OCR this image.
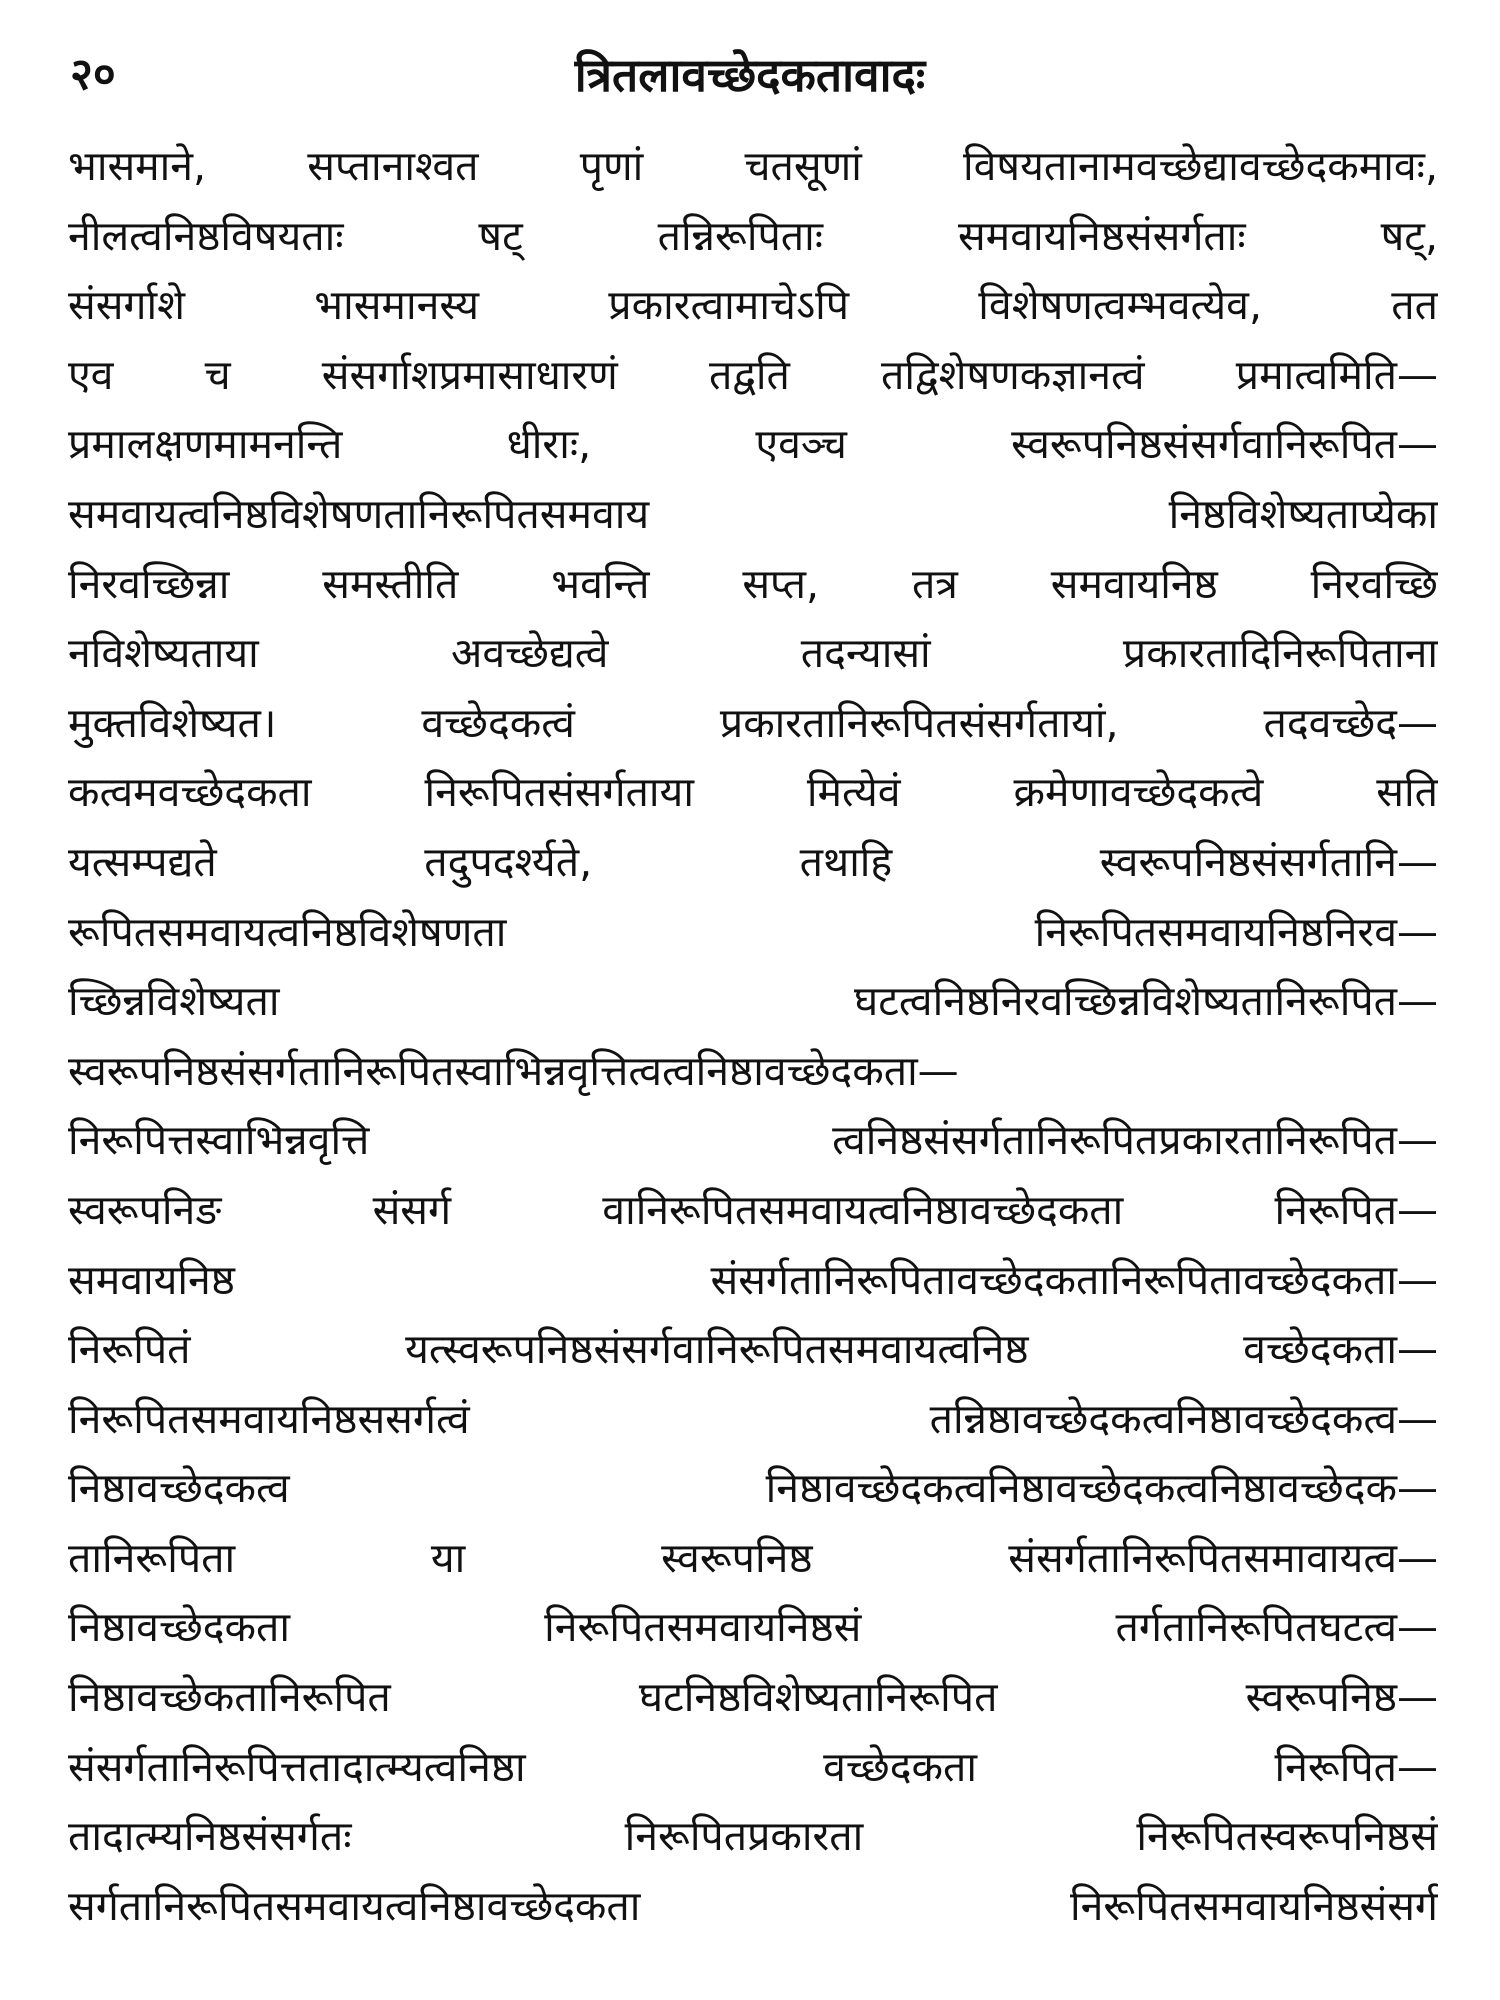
२०	त्रितलावच्छेदकतावादः
भासमाने, सप्तानाश्वत पृणां चतसूणां विषयतानामवच्छेद्यावच्छेदकमावः,
नीलत्वनिष्ठविषयताः षट् तन्निरूपिताः समवायनिष्ठसंसर्गताः षट्,
संसर्गाशे भासमानस्य प्रकारत्वामाचेऽपि विशेषणत्वम्भवत्येव, तत
एव च संसर्गाशप्रमासाधारणं तद्वति तद्विशेषणकज्ञानत्वं प्रमात्वमिति—
प्रमालक्षणमामनन्ति धीराः, एवञ्च स्वरूपनिष्ठसंसर्गवानिरूपित—
समवायत्वनिष्ठविशेषणतानिरूपितसमवाय निष्ठविशेष्यताप्येका
निरवच्छिन्ना समस्तीति भवन्ति सप्त, तत्र समवायनिष्ठ निरवच्छि
नविशेष्यताया अवच्छेद्यत्वे तदन्यासां प्रकारतादिनिरूपिताना
मुक्तविशेष्यत। वच्छेदकत्वं प्रकारतानिरूपितसंसर्गतायां, तदवच्छेद—
कत्वमवच्छेदकता निरूपितसंसर्गताया मित्येवं क्रमेणावच्छेदकत्वे सति
यत्सम्पद्यते तदुपदर्श्यते, तथाहि स्वरूपनिष्ठसंसर्गतानि—
रूपितसमवायत्वनिष्ठविशेषणता निरूपितसमवायनिष्ठनिरव—
च्छिन्नविशेष्यता घटत्वनिष्ठनिरवच्छिन्नविशेष्यतानिरूपित—
स्वरूपनिष्ठसंसर्गतानिरूपितस्वाभिन्नवृत्तित्वत्वनिष्ठावच्छेदकता—
निरूपित्तस्वाभिन्नवृत्ति त्वनिष्ठसंसर्गतानिरूपितप्रकारतानिरूपित—
स्वरूपनिङ संसर्ग वानिरूपितसमवायत्वनिष्ठावच्छेदकता निरूपित—
समवायनिष्ठ संसर्गतानिरूपितावच्छेदकतानिरूपितावच्छेदकता—
निरूपितं यत्स्वरूपनिष्ठसंसर्गवानिरूपितसमवायत्वनिष्ठ वच्छेदकता—
निरूपितसमवायनिष्ठससर्गत्वं तन्निष्ठावच्छेदकत्वनिष्ठावच्छेदकत्व—
निष्ठावच्छेदकत्व निष्ठावच्छेदकत्वनिष्ठावच्छेदकत्वनिष्ठावच्छेदक—
तानिरूपिता या स्वरूपनिष्ठ संसर्गतानिरूपितसमावायत्व—
निष्ठावच्छेदकता निरूपितसमवायनिष्ठसं तर्गतानिरूपितघटत्व—
निष्ठावच्छेकतानिरूपित घटनिष्ठविशेष्यतानिरूपित स्वरूपनिष्ठ—
संसर्गतानिरूपित्ततादात्म्यत्वनिष्ठा वच्छेदकता निरूपित—
तादात्म्यनिष्ठसंसर्गतः निरूपितप्रकारता निरूपितस्वरूपनिष्ठसं
सर्गतानिरूपितसमवायत्वनिष्ठावच्छेदकता निरूपितसमवायनिष्ठसंसर्ग
